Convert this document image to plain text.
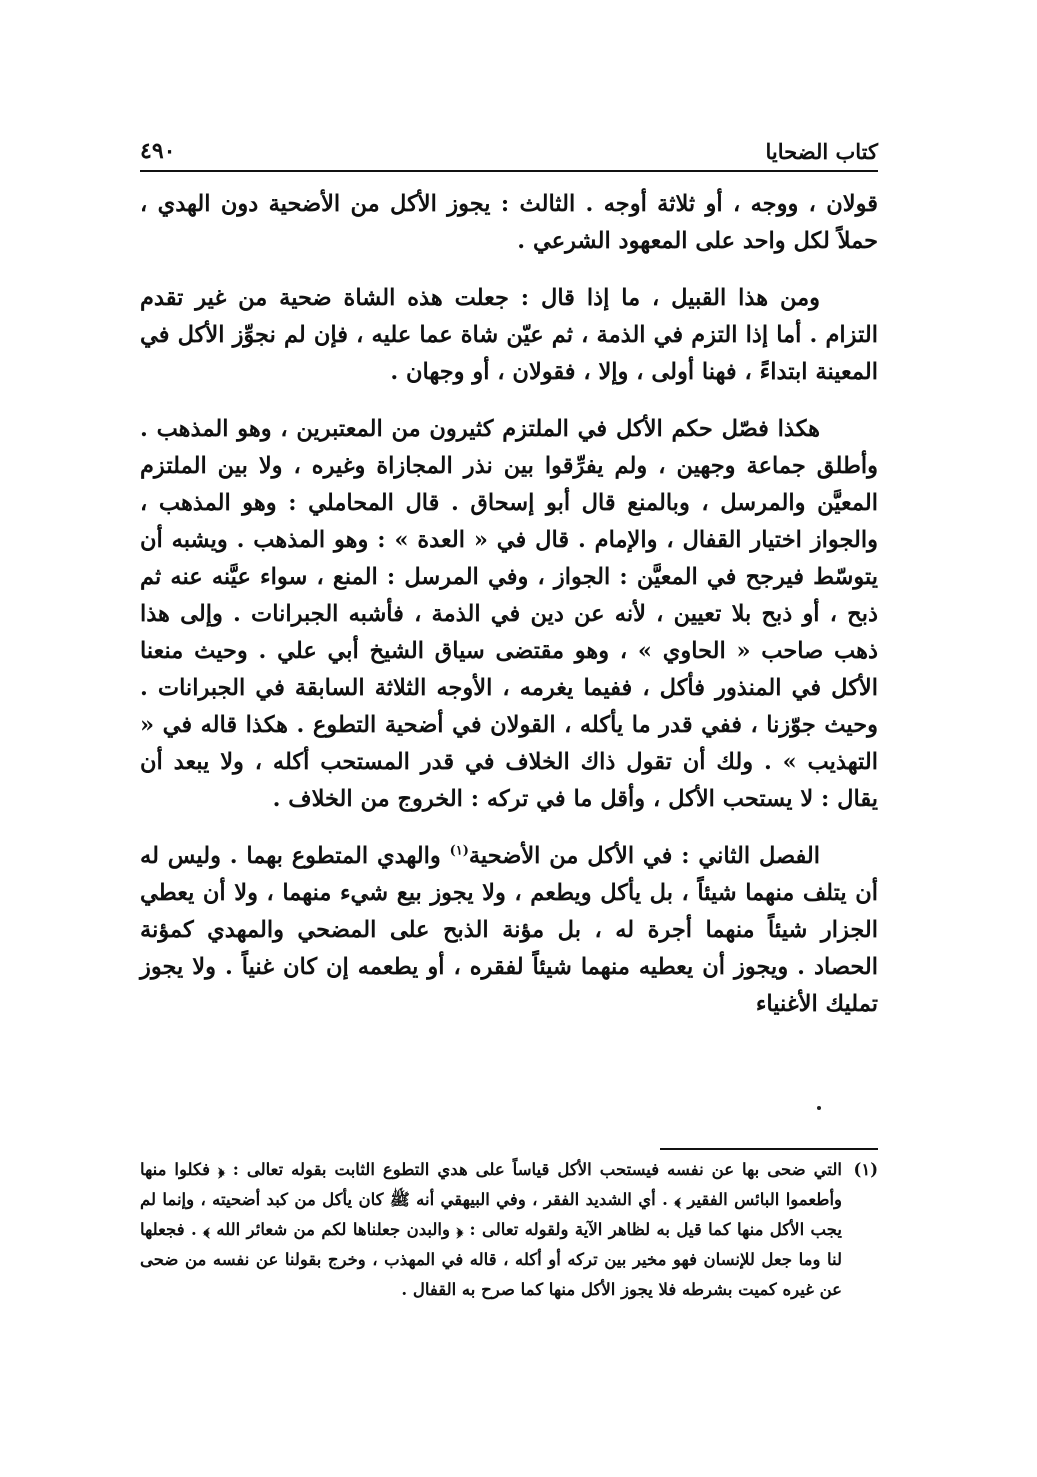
كتاب الضحايا
٤٩٠

قولان ، ووجه ، أو ثلاثة أوجه . الثالث : يجوز الأكل من الأضحية دون الهدي ، حملاً لكل واحد على المعهود الشرعي .

ومن هذا القبيل ، ما إذا قال : جعلت هذه الشاة ضحية من غير تقدم التزام . أما إذا التزم في الذمة ، ثم عيّن شاة عما عليه ، فإن لم نجوِّز الأكل في المعينة ابتداءً ، فهنا أولى ، وإلا ، فقولان ، أو وجهان .

هكذا فصّل حكم الأكل في الملتزم كثيرون من المعتبرين ، وهو المذهب . وأطلق جماعة وجهين ، ولم يفرِّقوا بين نذر المجازاة وغيره ، ولا بين الملتزم المعيَّن والمرسل ، وبالمنع قال أبو إسحاق . قال المحاملي : وهو المذهب ، والجواز اختيار القفال ، والإمام . قال في « العدة » : وهو المذهب . ويشبه أن يتوسّط فيرجح في المعيَّن : الجواز ، وفي المرسل : المنع ، سواء عيَّنه عنه ثم ذبح ، أو ذبح بلا تعيين ، لأنه عن دين في الذمة ، فأشبه الجبرانات . وإلى هذا ذهب صاحب « الحاوي » ، وهو مقتضى سياق الشيخ أبي علي . وحيث منعنا الأكل في المنذور فأكل ، ففيما يغرمه ، الأوجه الثلاثة السابقة في الجبرانات . وحيث جوّزنا ، ففي قدر ما يأكله ، القولان في أضحية التطوع . هكذا قاله في « التهذيب » . ولك أن تقول ذاك الخلاف في قدر المستحب أكله ، ولا يبعد أن يقال : لا يستحب الأكل ، وأقل ما في تركه : الخروج من الخلاف .

الفصل الثاني : في الأكل من الأضحية$^{(١)}$ والهدي المتطوع بهما . وليس له أن يتلف منهما شيئاً ، بل يأكل ويطعم ، ولا يجوز بيع شيء منهما ، ولا أن يعطي الجزار شيئاً منهما أجرة له ، بل مؤنة الذبح على المضحي والمهدي كمؤنة الحصاد . ويجوز أن يعطيه منهما شيئاً لفقره ، أو يطعمه إن كان غنياً . ولا يجوز تمليك الأغنياء

(١)
التي ضحى بها عن نفسه فيستحب الأكل قياساً على هدي التطوع الثابت بقوله تعالى : ﴿ فكلوا منها وأطعموا البائس الفقير ﴾ . أي الشديد الفقر ، وفي البيهقي أنه ﷺ كان يأكل من كبد أضحيته ، وإنما لم يجب الأكل منها كما قيل به لظاهر الآية ولقوله تعالى : ﴿ والبدن جعلناها لكم من شعائر الله ﴾ . فجعلها لنا وما جعل للإنسان فهو مخير بين تركه أو أكله ، قاله في المهذب ، وخرج بقولنا عن نفسه من ضحى عن غيره كميت بشرطه فلا يجوز الأكل منها كما صرح به القفال .
